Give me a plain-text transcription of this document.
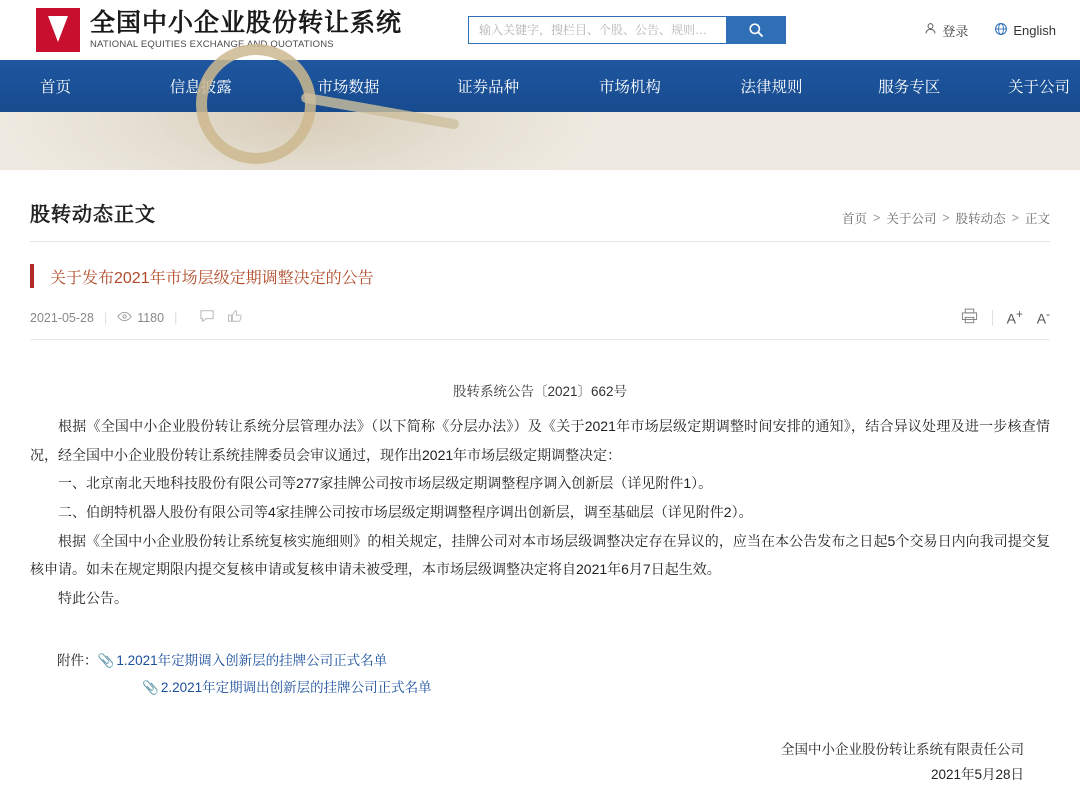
全国中小企业股份转让系统
NATIONAL EQUITIES EXCHANGE AND QUOTATIONS
输入关键字，搜栏目、个股、公告、规则…
登录	English
首页	信息披露	市场数据	证券品种	市场机构	法律规则	服务专区	关于公司
股转动态正文	首页 > 关于公司 > 股转动态 > 正文
关于发布2021年市场层级定期调整决定的公告
2021-05-28 | 1180 |	A+ A-
股转系统公告〔2021〕662号
根据《全国中小企业股份转让系统分层管理办法》（以下简称《分层办法》）及《关于2021年市场层级定期调整时间安排的通知》，结合异议处理及进一步核查情况，经全国中小企业股份转让系统挂牌委员会审议通过，现作出2021年市场层级定期调整决定：
一、北京南北天地科技股份有限公司等277家挂牌公司按市场层级定期调整程序调入创新层（详见附件1）。
二、伯朗特机器人股份有限公司等4家挂牌公司按市场层级定期调整程序调出创新层，调至基础层（详见附件2）。
根据《全国中小企业股份转让系统复核实施细则》的相关规定，挂牌公司对本市场层级调整决定存在异议的，应当在本公告发布之日起5个交易日内向我司提交复核申请。如未在规定期限内提交复核申请或复核申请未被受理，本市场层级调整决定将自2021年6月7日起生效。
特此公告。
附件：📎 1.2021年定期调入创新层的挂牌公司正式名单
📎 2.2021年定期调出创新层的挂牌公司正式名单
全国中小企业股份转让系统有限责任公司
2021年5月28日
